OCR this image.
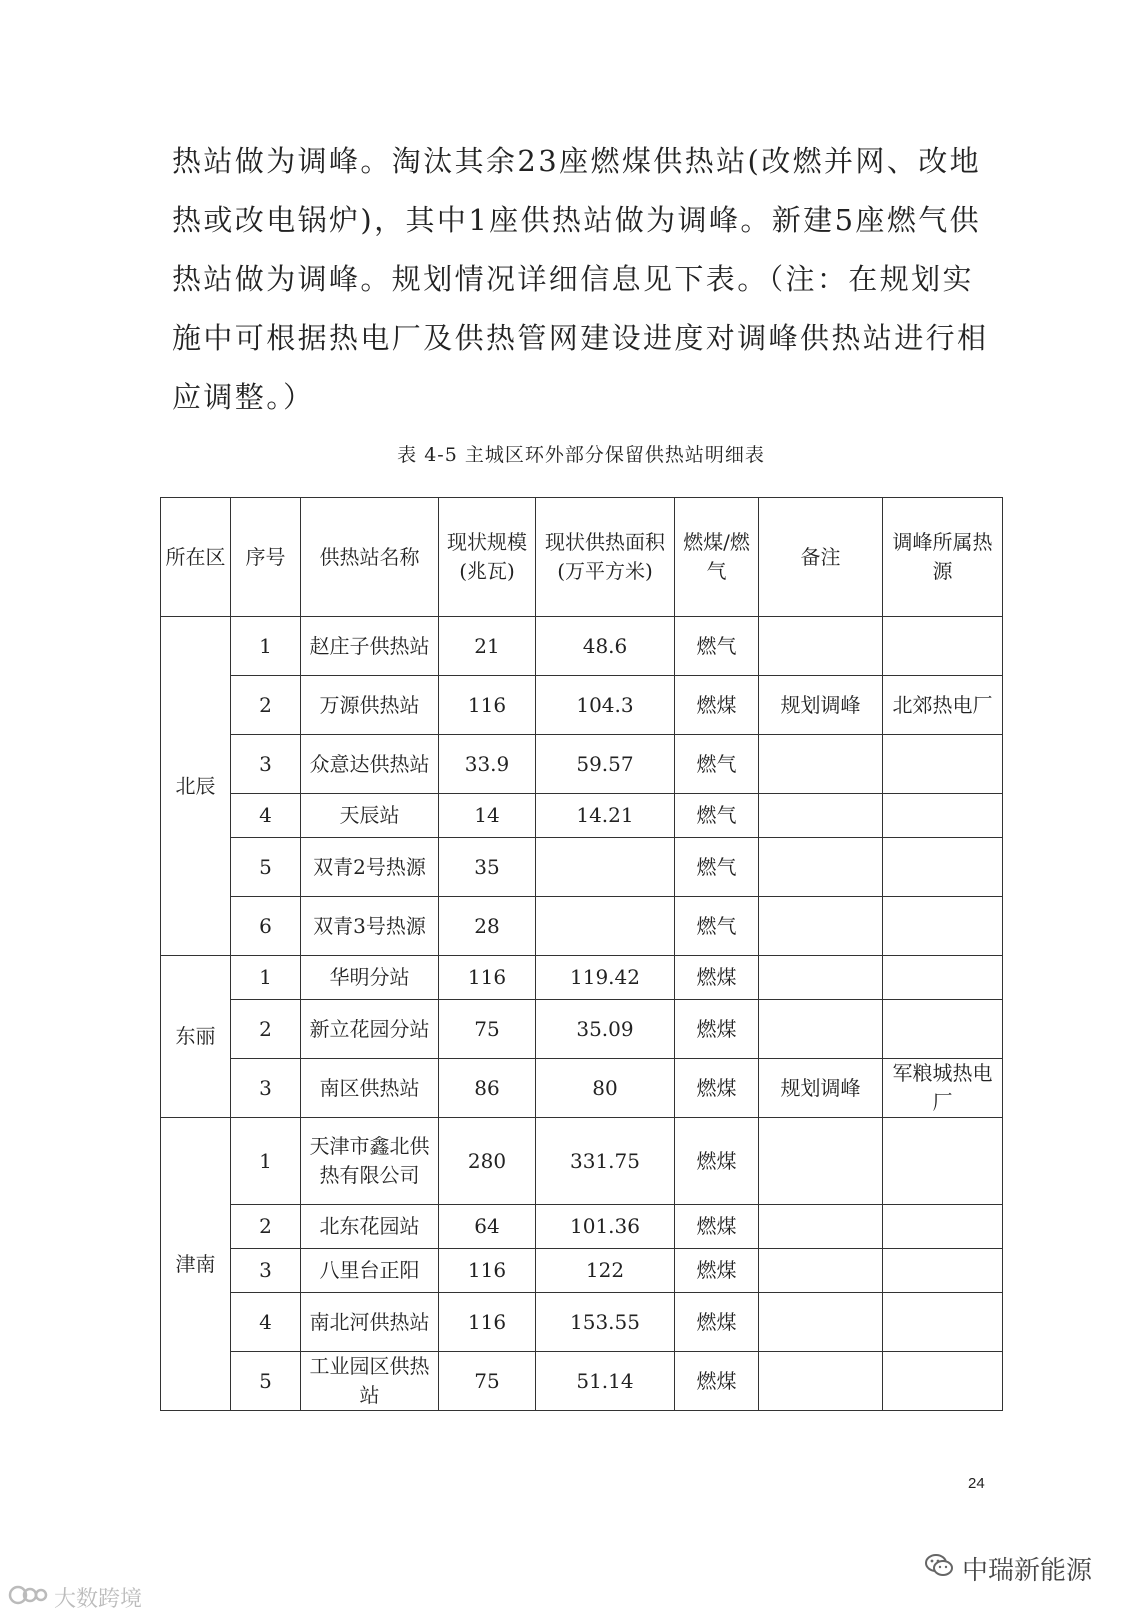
热站做为调峰。淘汰其余23座燃煤供热站(改燃并网、改地热或改电锅炉)，其中1座供热站做为调峰。新建5座燃气供热站做为调峰。规划情况详细信息见下表。（注：在规划实施中可根据热电厂及供热管网建设进度对调峰供热站进行相应调整。）

表 4-5 主城区环外部分保留供热站明细表
所在区	序号	供热站名称	现状规模(兆瓦)	现状供热面积(万平方米)	燃煤/燃气	备注	调峰所属热源
北辰	1	赵庄子供热站	21	48.6	燃气		
	2	万源供热站	116	104.3	燃煤	规划调峰	北郊热电厂
	3	众意达供热站	33.9	59.57	燃气		
	4	天辰站	14	14.21	燃气		
	5	双青2号热源	35		燃气		
	6	双青3号热源	28		燃气		
东丽	1	华明分站	116	119.42	燃煤		
	2	新立花园分站	75	35.09	燃煤		
	3	南区供热站	86	80	燃煤	规划调峰	军粮城热电厂
津南	1	天津市鑫北供热有限公司	280	331.75	燃煤		
	2	北东花园站	64	101.36	燃煤		
	3	八里台正阳	116	122	燃煤		
	4	南北河供热站	116	153.55	燃煤		
	5	工业园区供热站	75	51.14	燃煤		
24
中瑞新能源
大数跨境
